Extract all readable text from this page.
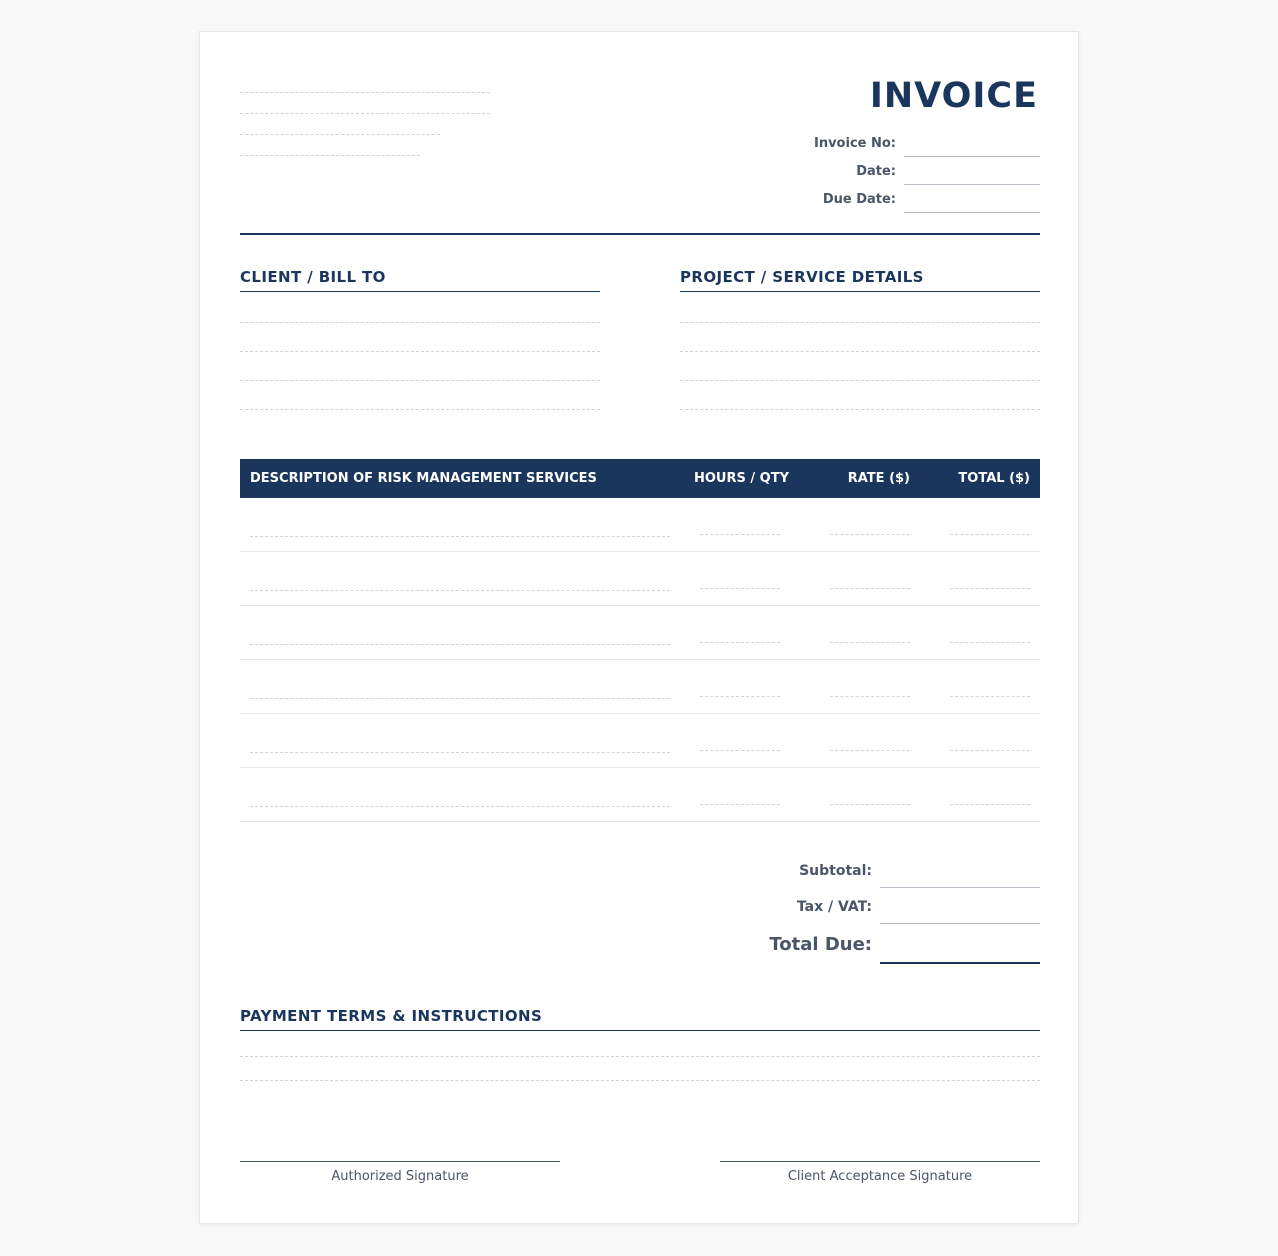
INVOICE
Invoice No:
Date:
Due Date:
CLIENT / BILL TO	PROJECT / SERVICE DETAILS
DESCRIPTION OF RISK MANAGEMENT SERVICES	HOURS / QTY	RATE ($)	TOTAL ($)
Subtotal:
Tax / VAT:
Total Due:
PAYMENT TERMS & INSTRUCTIONS
Authorized Signature	Client Acceptance Signature
